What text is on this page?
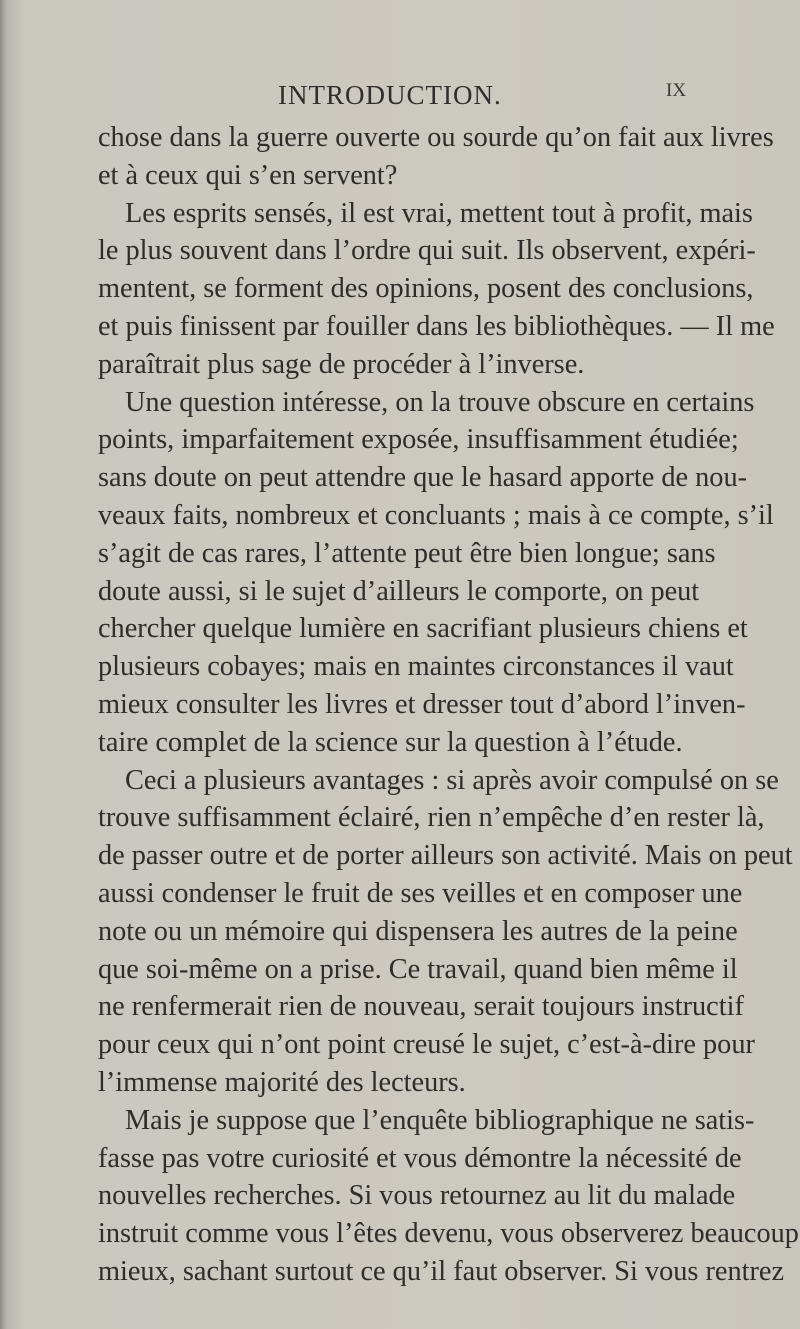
INTRODUCTION.	IX
chose dans la guerre ouverte ou sourde qu’on fait aux livres
et à ceux qui s’en servent?
Les esprits sensés, il est vrai, mettent tout à profit, mais
le plus souvent dans l’ordre qui suit. Ils observent, expéri-
mentent, se forment des opinions, posent des conclusions,
et puis finissent par fouiller dans les bibliothèques. — Il me
paraîtrait plus sage de procéder à l’inverse.
Une question intéresse, on la trouve obscure en certains
points, imparfaitement exposée, insuffisamment étudiée;
sans doute on peut attendre que le hasard apporte de nou-
veaux faits, nombreux et concluants ; mais à ce compte, s’il
s’agit de cas rares, l’attente peut être bien longue; sans
doute aussi, si le sujet d’ailleurs le comporte, on peut
chercher quelque lumière en sacrifiant plusieurs chiens et
plusieurs cobayes; mais en maintes circonstances il vaut
mieux consulter les livres et dresser tout d’abord l’inven-
taire complet de la science sur la question à l’étude.
Ceci a plusieurs avantages : si après avoir compulsé on se
trouve suffisamment éclairé, rien n’empêche d’en rester là,
de passer outre et de porter ailleurs son activité. Mais on peut
aussi condenser le fruit de ses veilles et en composer une
note ou un mémoire qui dispensera les autres de la peine
que soi-même on a prise. Ce travail, quand bien même il
ne renfermerait rien de nouveau, serait toujours instructif
pour ceux qui n’ont point creusé le sujet, c’est-à-dire pour
l’immense majorité des lecteurs.
Mais je suppose que l’enquête bibliographique ne satis-
fasse pas votre curiosité et vous démontre la nécessité de
nouvelles recherches. Si vous retournez au lit du malade
instruit comme vous l’êtes devenu, vous observerez beaucoup
mieux, sachant surtout ce qu’il faut observer. Si vous rentrez
